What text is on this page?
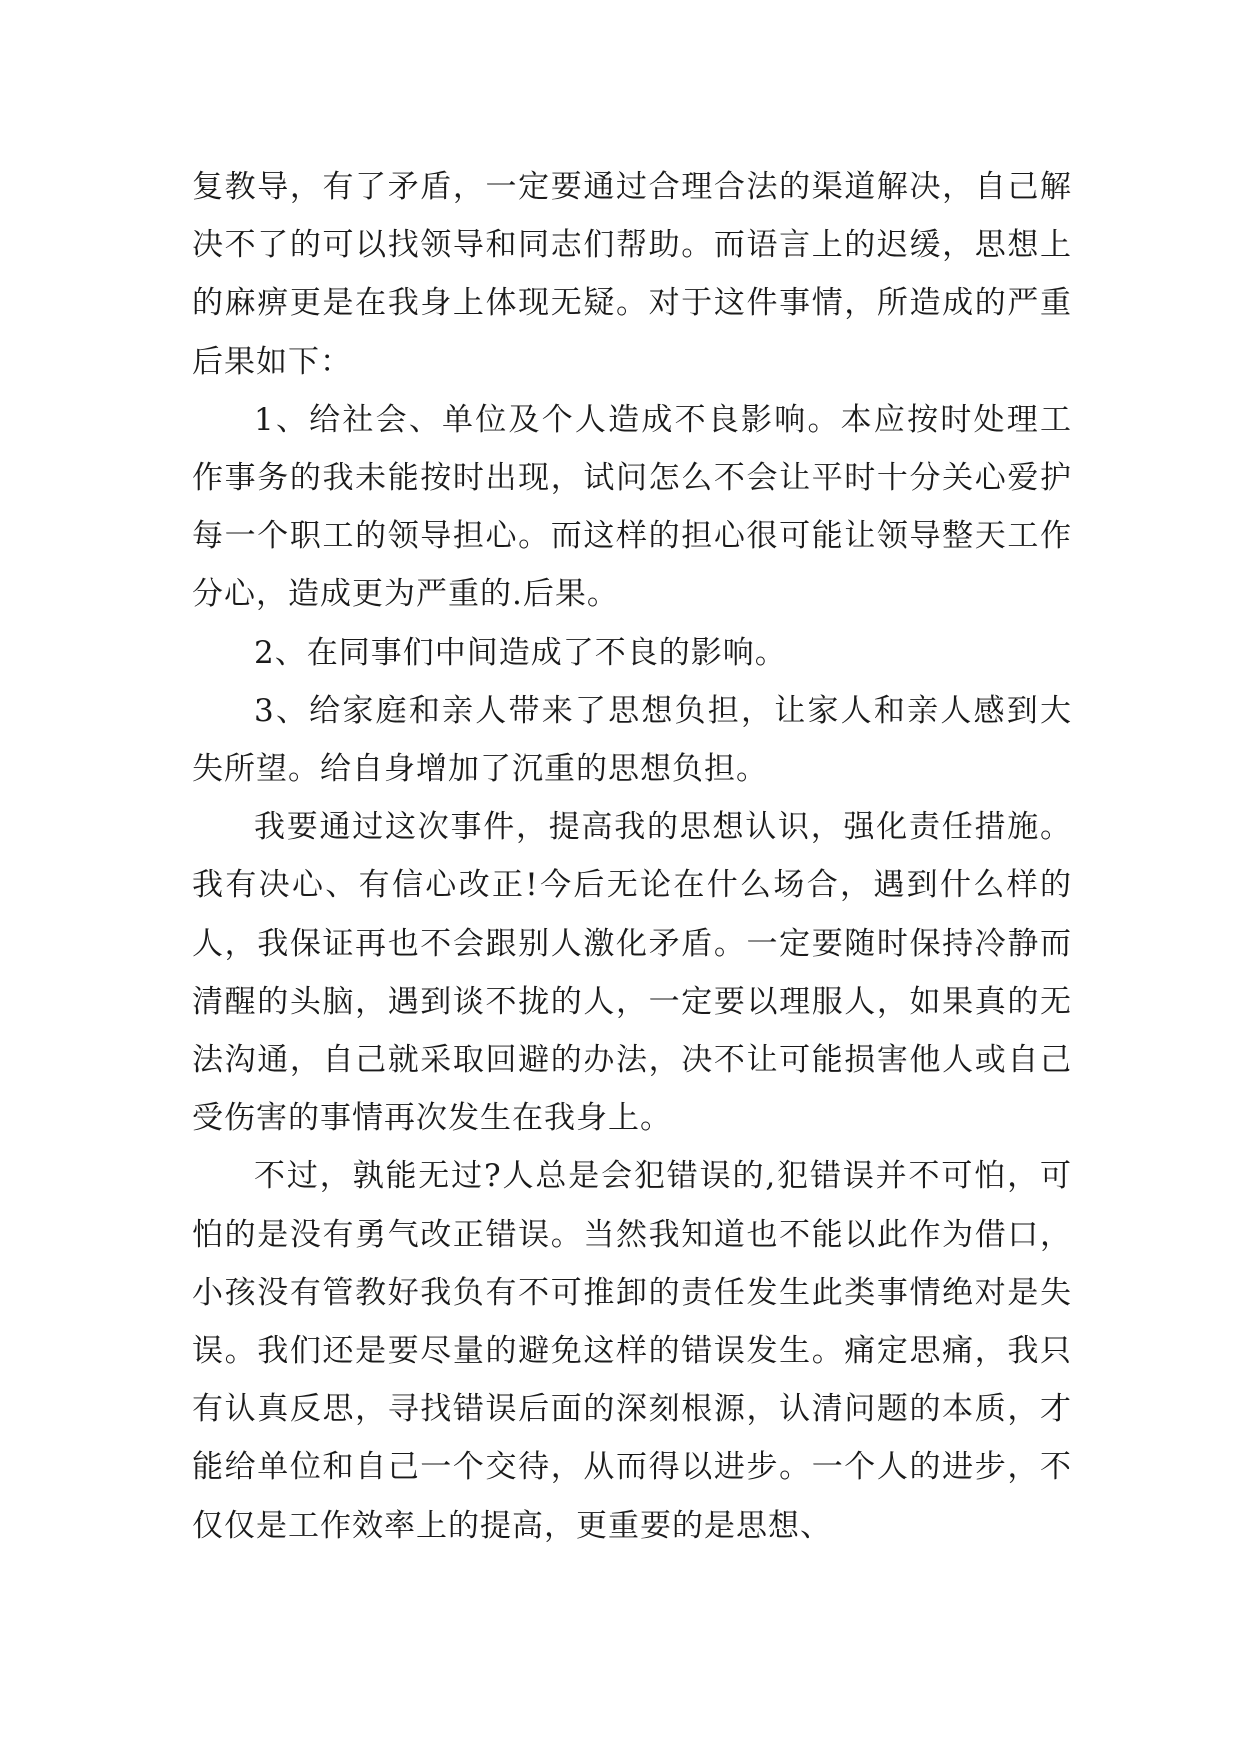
复教导，有了矛盾，一定要通过合理合法的渠道解决，自己解决不了的可以找领导和同志们帮助。而语言上的迟缓，思想上的麻痹更是在我身上体现无疑。对于这件事情，所造成的严重后果如下：

1、给社会、单位及个人造成不良影响。本应按时处理工作事务的我未能按时出现，试问怎么不会让平时十分关心爱护每一个职工的领导担心。而这样的担心很可能让领导整天工作分心，造成更为严重的.后果。

2、在同事们中间造成了不良的影响。

3、给家庭和亲人带来了思想负担，让家人和亲人感到大失所望。给自身增加了沉重的思想负担。

我要通过这次事件，提高我的思想认识，强化责任措施。我有决心、有信心改正!今后无论在什么场合，遇到什么样的人，我保证再也不会跟别人激化矛盾。一定要随时保持冷静而清醒的头脑，遇到谈不拢的人，一定要以理服人，如果真的无法沟通，自己就采取回避的办法，决不让可能损害他人或自己受伤害的事情再次发生在我身上。

不过，孰能无过?人总是会犯错误的,犯错误并不可怕，可怕的是没有勇气改正错误。当然我知道也不能以此作为借口，小孩没有管教好我负有不可推卸的责任发生此类事情绝对是失误。我们还是要尽量的避免这样的错误发生。痛定思痛，我只有认真反思，寻找错误后面的深刻根源，认清问题的本质，才能给单位和自己一个交待，从而得以进步。一个人的进步，不仅仅是工作效率上的提高，更重要的是思想、
